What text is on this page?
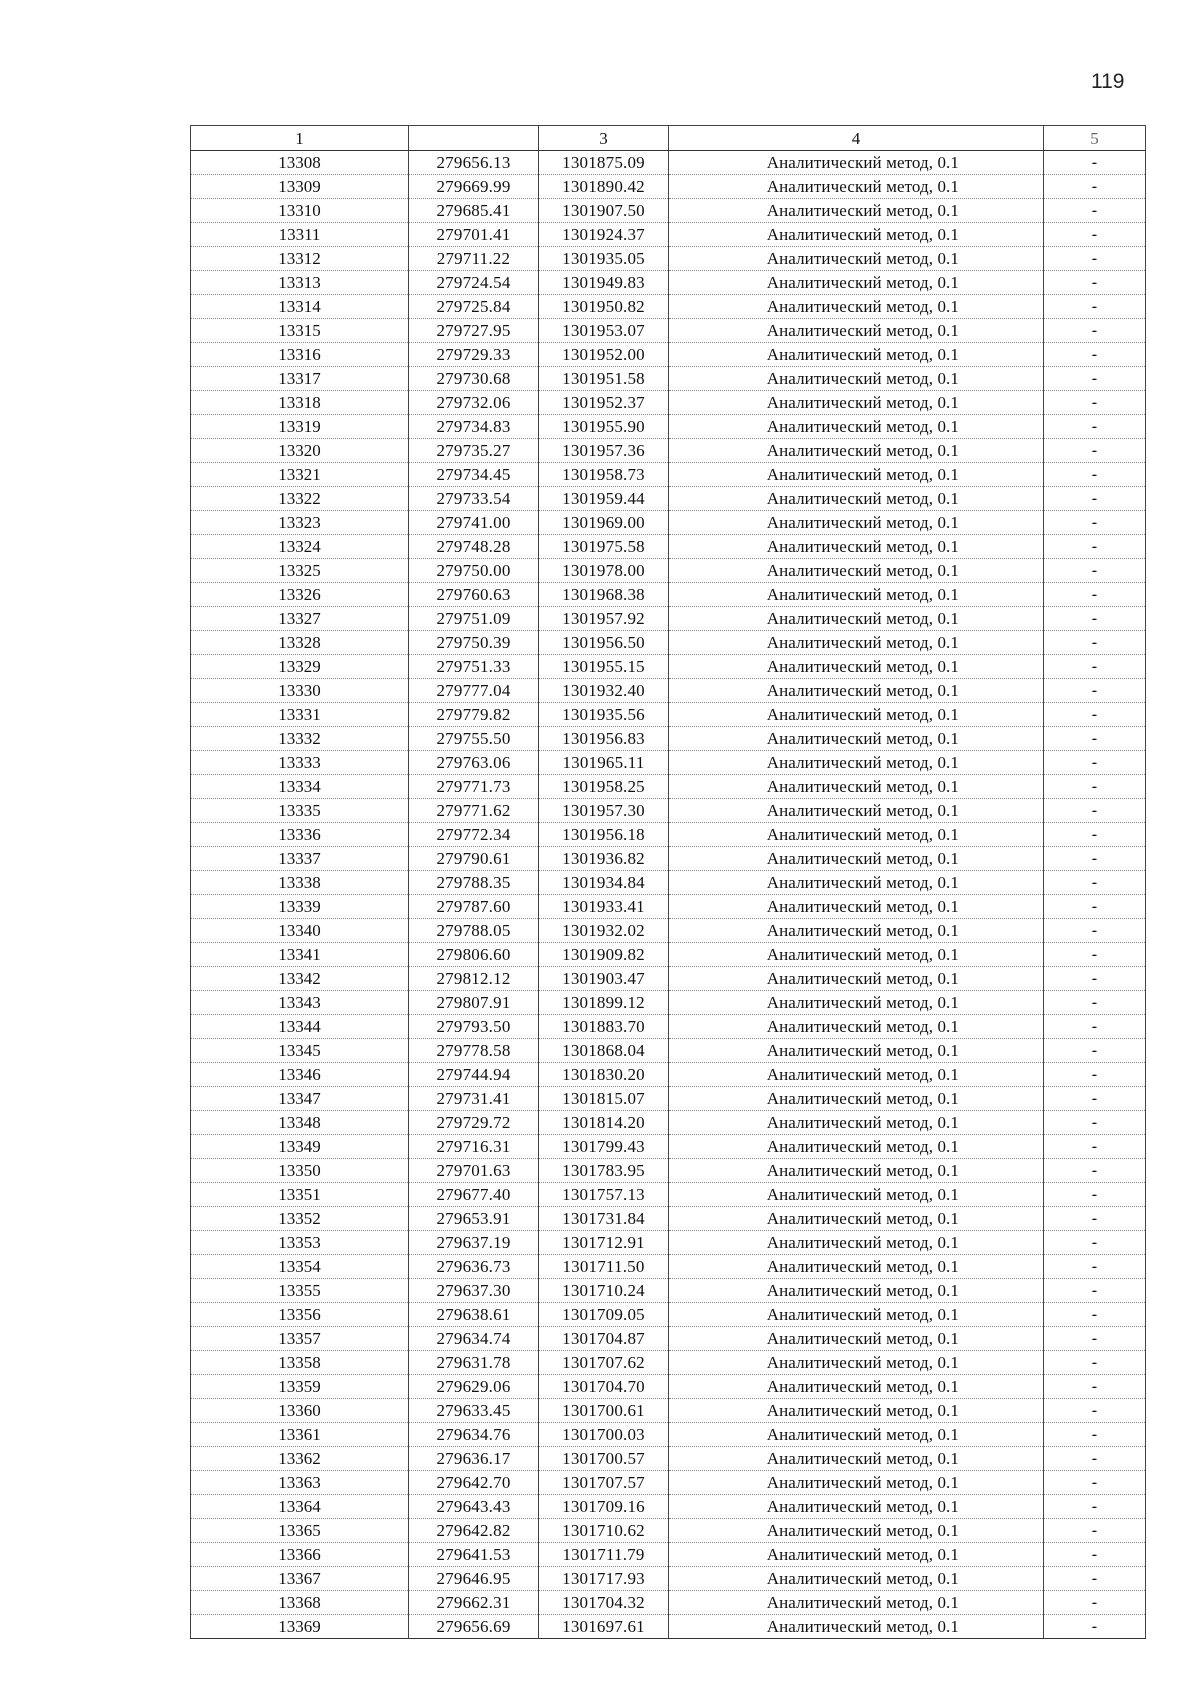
119
1		3	4	5
13308	279656.13	1301875.09	Аналитический метод, 0.1	-
13309	279669.99	1301890.42	Аналитический метод, 0.1	-
13310	279685.41	1301907.50	Аналитический метод, 0.1	-
13311	279701.41	1301924.37	Аналитический метод, 0.1	-
13312	279711.22	1301935.05	Аналитический метод, 0.1	-
13313	279724.54	1301949.83	Аналитический метод, 0.1	-
13314	279725.84	1301950.82	Аналитический метод, 0.1	-
13315	279727.95	1301953.07	Аналитический метод, 0.1	-
13316	279729.33	1301952.00	Аналитический метод, 0.1	-
13317	279730.68	1301951.58	Аналитический метод, 0.1	-
13318	279732.06	1301952.37	Аналитический метод, 0.1	-
13319	279734.83	1301955.90	Аналитический метод, 0.1	-
13320	279735.27	1301957.36	Аналитический метод, 0.1	-
13321	279734.45	1301958.73	Аналитический метод, 0.1	-
13322	279733.54	1301959.44	Аналитический метод, 0.1	-
13323	279741.00	1301969.00	Аналитический метод, 0.1	-
13324	279748.28	1301975.58	Аналитический метод, 0.1	-
13325	279750.00	1301978.00	Аналитический метод, 0.1	-
13326	279760.63	1301968.38	Аналитический метод, 0.1	-
13327	279751.09	1301957.92	Аналитический метод, 0.1	-
13328	279750.39	1301956.50	Аналитический метод, 0.1	-
13329	279751.33	1301955.15	Аналитический метод, 0.1	-
13330	279777.04	1301932.40	Аналитический метод, 0.1	-
13331	279779.82	1301935.56	Аналитический метод, 0.1	-
13332	279755.50	1301956.83	Аналитический метод, 0.1	-
13333	279763.06	1301965.11	Аналитический метод, 0.1	-
13334	279771.73	1301958.25	Аналитический метод, 0.1	-
13335	279771.62	1301957.30	Аналитический метод, 0.1	-
13336	279772.34	1301956.18	Аналитический метод, 0.1	-
13337	279790.61	1301936.82	Аналитический метод, 0.1	-
13338	279788.35	1301934.84	Аналитический метод, 0.1	-
13339	279787.60	1301933.41	Аналитический метод, 0.1	-
13340	279788.05	1301932.02	Аналитический метод, 0.1	-
13341	279806.60	1301909.82	Аналитический метод, 0.1	-
13342	279812.12	1301903.47	Аналитический метод, 0.1	-
13343	279807.91	1301899.12	Аналитический метод, 0.1	-
13344	279793.50	1301883.70	Аналитический метод, 0.1	-
13345	279778.58	1301868.04	Аналитический метод, 0.1	-
13346	279744.94	1301830.20	Аналитический метод, 0.1	-
13347	279731.41	1301815.07	Аналитический метод, 0.1	-
13348	279729.72	1301814.20	Аналитический метод, 0.1	-
13349	279716.31	1301799.43	Аналитический метод, 0.1	-
13350	279701.63	1301783.95	Аналитический метод, 0.1	-
13351	279677.40	1301757.13	Аналитический метод, 0.1	-
13352	279653.91	1301731.84	Аналитический метод, 0.1	-
13353	279637.19	1301712.91	Аналитический метод, 0.1	-
13354	279636.73	1301711.50	Аналитический метод, 0.1	-
13355	279637.30	1301710.24	Аналитический метод, 0.1	-
13356	279638.61	1301709.05	Аналитический метод, 0.1	-
13357	279634.74	1301704.87	Аналитический метод, 0.1	-
13358	279631.78	1301707.62	Аналитический метод, 0.1	-
13359	279629.06	1301704.70	Аналитический метод, 0.1	-
13360	279633.45	1301700.61	Аналитический метод, 0.1	-
13361	279634.76	1301700.03	Аналитический метод, 0.1	-
13362	279636.17	1301700.57	Аналитический метод, 0.1	-
13363	279642.70	1301707.57	Аналитический метод, 0.1	-
13364	279643.43	1301709.16	Аналитический метод, 0.1	-
13365	279642.82	1301710.62	Аналитический метод, 0.1	-
13366	279641.53	1301711.79	Аналитический метод, 0.1	-
13367	279646.95	1301717.93	Аналитический метод, 0.1	-
13368	279662.31	1301704.32	Аналитический метод, 0.1	-
13369	279656.69	1301697.61	Аналитический метод, 0.1	-
